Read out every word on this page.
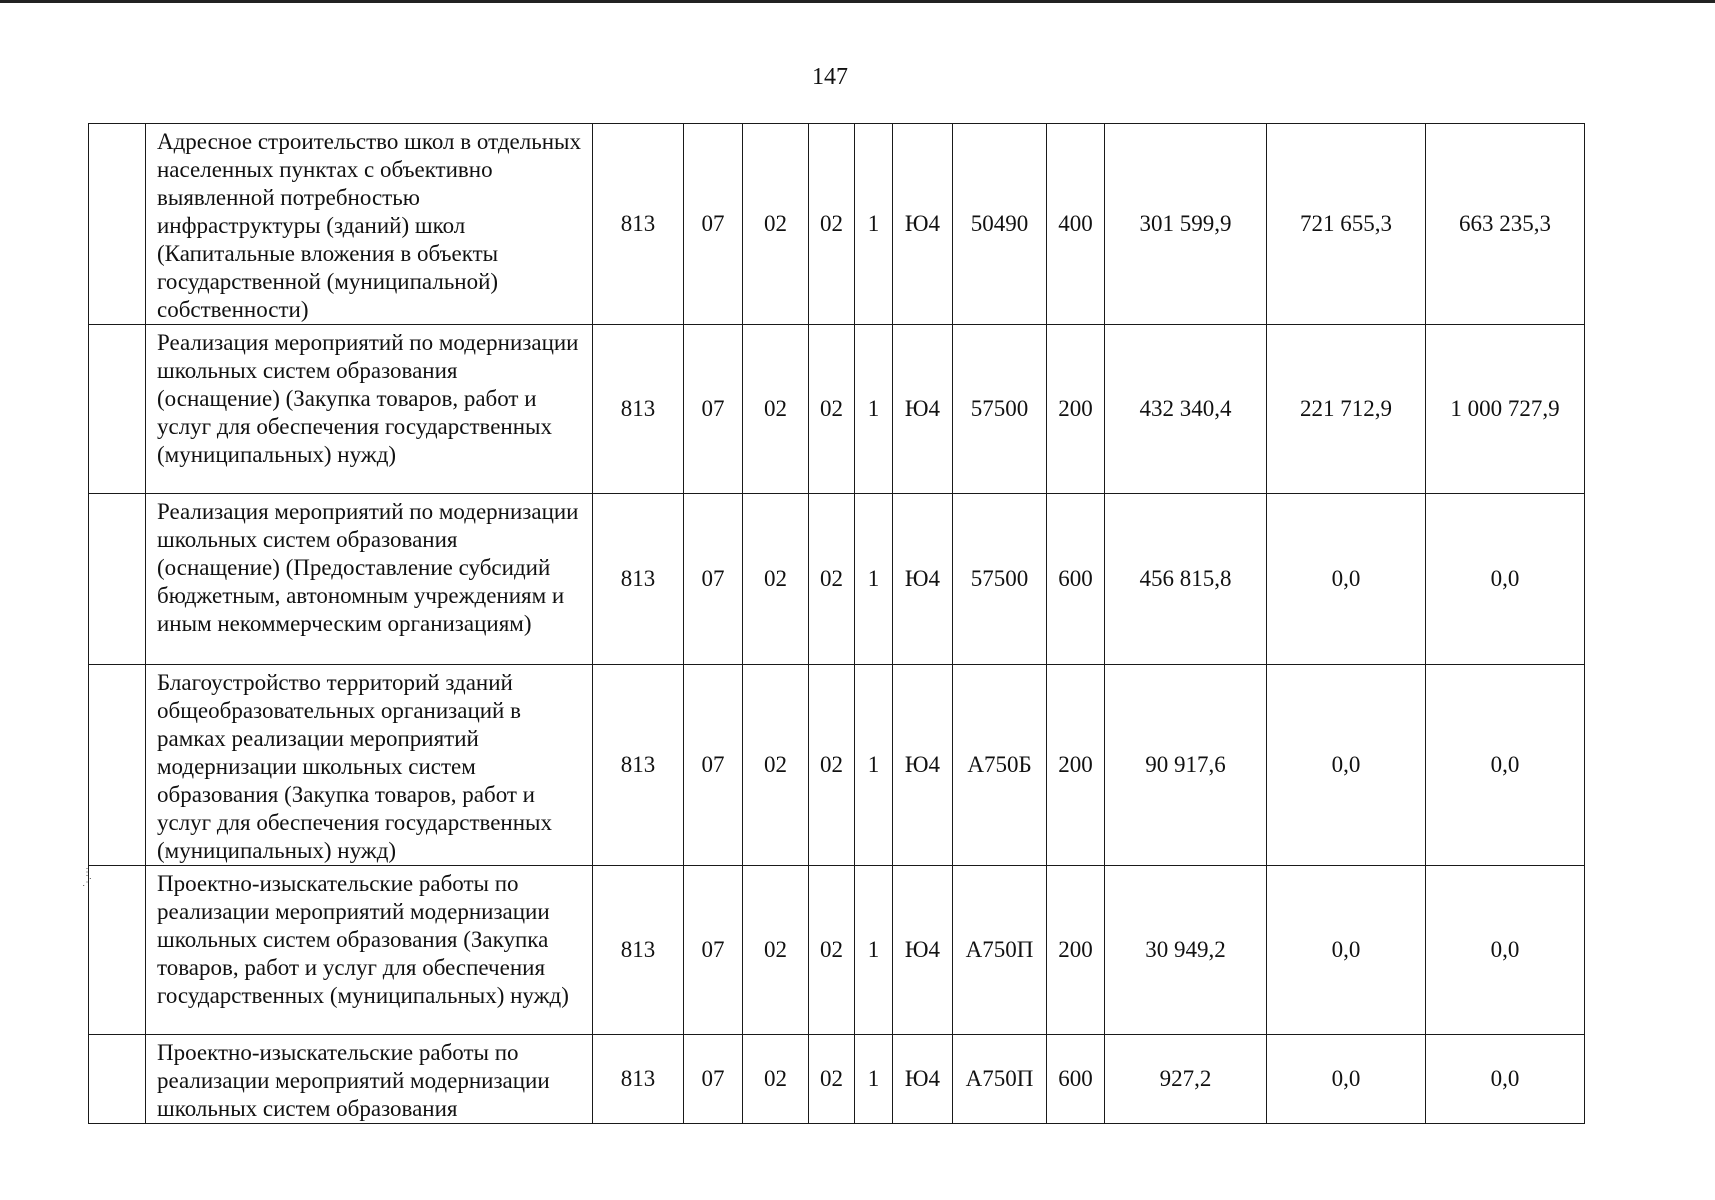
147
⋮
⋰
	Адресное строительство школ в отдельных населенных пунктах с объективно выявленной потребностью инфраструктуры (зданий) школ (Капитальные вложения в объекты государственной (муниципальной) собственности)	813	07	02	02	1	Ю4	50490	400	301 599,9	721 655,3	663 235,3
	Реализация мероприятий по модернизации школьных систем образования (оснащение) (Закупка товаров, работ и услуг для обеспечения государственных (муниципальных) нужд)	813	07	02	02	1	Ю4	57500	200	432 340,4	221 712,9	1 000 727,9
	Реализация мероприятий по модернизации школьных систем образования (оснащение) (Предоставление субсидий бюджетным, автономным учреждениям и иным некоммерческим организациям)	813	07	02	02	1	Ю4	57500	600	456 815,8	0,0	0,0
	Благоустройство территорий зданий общеобразовательных организаций в рамках реализации мероприятий модернизации школьных систем образования (Закупка товаров, работ и услуг для обеспечения государственных (муниципальных) нужд)	813	07	02	02	1	Ю4	А750Б	200	90 917,6	0,0	0,0
	Проектно-изыскательские работы по реализации мероприятий модернизации школьных систем образования (Закупка товаров, работ и услуг для обеспечения государственных (муниципальных) нужд)	813	07	02	02	1	Ю4	А750П	200	30 949,2	0,0	0,0
	Проектно-изыскательские работы по реализации мероприятий модернизации школьных систем образования	813	07	02	02	1	Ю4	А750П	600	927,2	0,0	0,0
